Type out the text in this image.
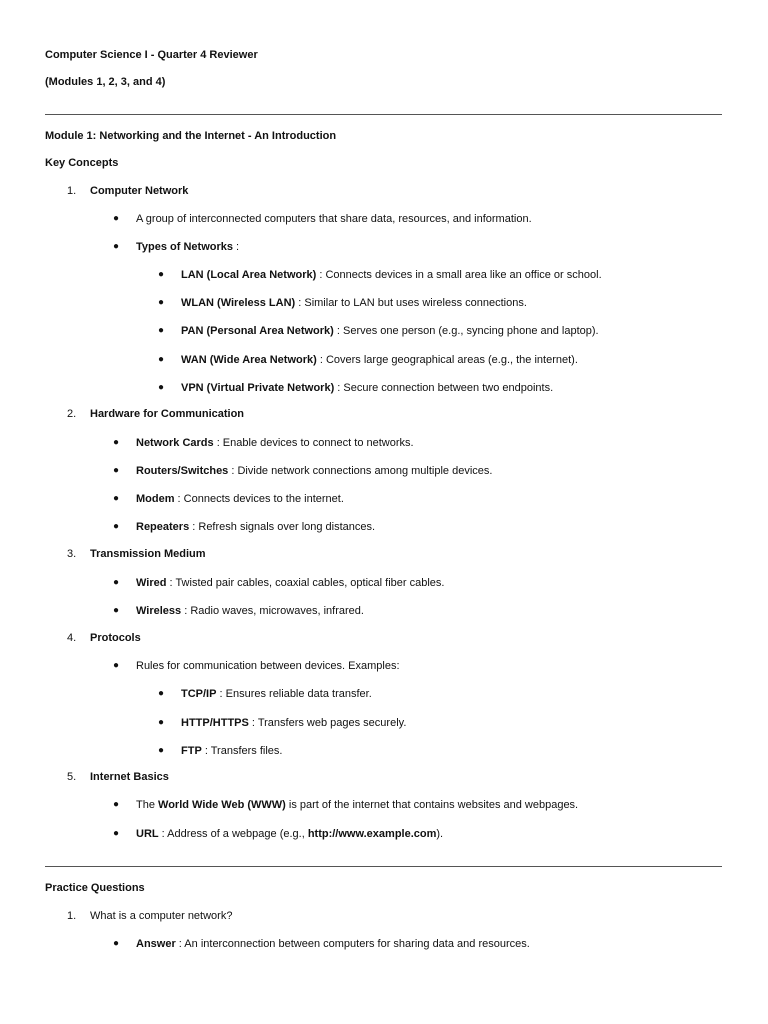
Computer Science I - Quarter 4 Reviewer
(Modules 1, 2, 3, and 4)
Module 1: Networking and the Internet - An Introduction
Key Concepts
1. Computer Network
● A group of interconnected computers that share data, resources, and information.
● Types of Networks :
● LAN (Local Area Network) : Connects devices in a small area like an office or school.
● WLAN (Wireless LAN) : Similar to LAN but uses wireless connections.
● PAN (Personal Area Network) : Serves one person (e.g., syncing phone and laptop).
● WAN (Wide Area Network) : Covers large geographical areas (e.g., the internet).
● VPN (Virtual Private Network) : Secure connection between two endpoints.
2. Hardware for Communication
● Network Cards : Enable devices to connect to networks.
● Routers/Switches : Divide network connections among multiple devices.
● Modem : Connects devices to the internet.
● Repeaters : Refresh signals over long distances.
3. Transmission Medium
● Wired : Twisted pair cables, coaxial cables, optical fiber cables.
● Wireless : Radio waves, microwaves, infrared.
4. Protocols
● Rules for communication between devices. Examples:
● TCP/IP : Ensures reliable data transfer.
● HTTP/HTTPS : Transfers web pages securely.
● FTP : Transfers files.
5. Internet Basics
● The World Wide Web (WWW) is part of the internet that contains websites and webpages.
● URL : Address of a webpage (e.g., http://www.example.com).
Practice Questions
1. What is a computer network?
● Answer : An interconnection between computers for sharing data and resources.
